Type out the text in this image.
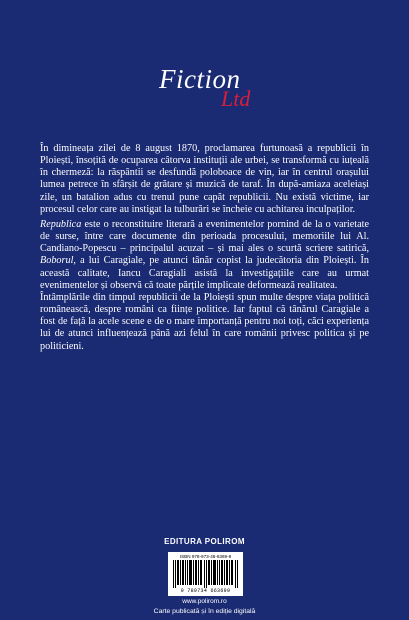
Fiction
Ltd

În dimineața zilei de 8 august 1870, proclamarea furtunoasă a republicii în Ploiești, însoțită de ocuparea câtorva instituții ale urbei, se transformă cu iuțeală în chermeză: la răspântii se desfundă poloboace de vin, iar în centrul orașului lumea petrece în sfârșit de grătare și muzică de taraf. În după-amiaza aceleiași zile, un batalion adus cu trenul pune capăt republicii. Nu există victime, iar procesul celor care au instigat la tulburări se încheie cu achitarea inculpaților.

Republica este o reconstituire literară a evenimentelor pornind de la o varietate de surse, între care documente din perioada procesului, memoriile lui Al. Candiano-Popescu – principalul acuzat – și mai ales o scurtă scriere satirică, Boborul, a lui Caragiale, pe atunci tânăr copist la judecătoria din Ploiești. În această calitate, Iancu Caragiali asistă la investigațiile care au urmat evenimentelor și observă că toate părțile implicate deformează realitatea.

Întâmplările din timpul republicii de la Ploiești spun multe despre viața politică românească, despre români ca ființe politice. Iar faptul că tânărul Caragiale a fost de față la acele scene e de o mare importanță pentru noi toți, căci experiența lui de atunci influențează până azi felul în care românii privesc politica și pe politicieni.

EDITURA POLIROM
ISBN 978-973-46-6369-9
9 789734 663699
www.polirom.ro
Carte publicată și în ediție digitală
